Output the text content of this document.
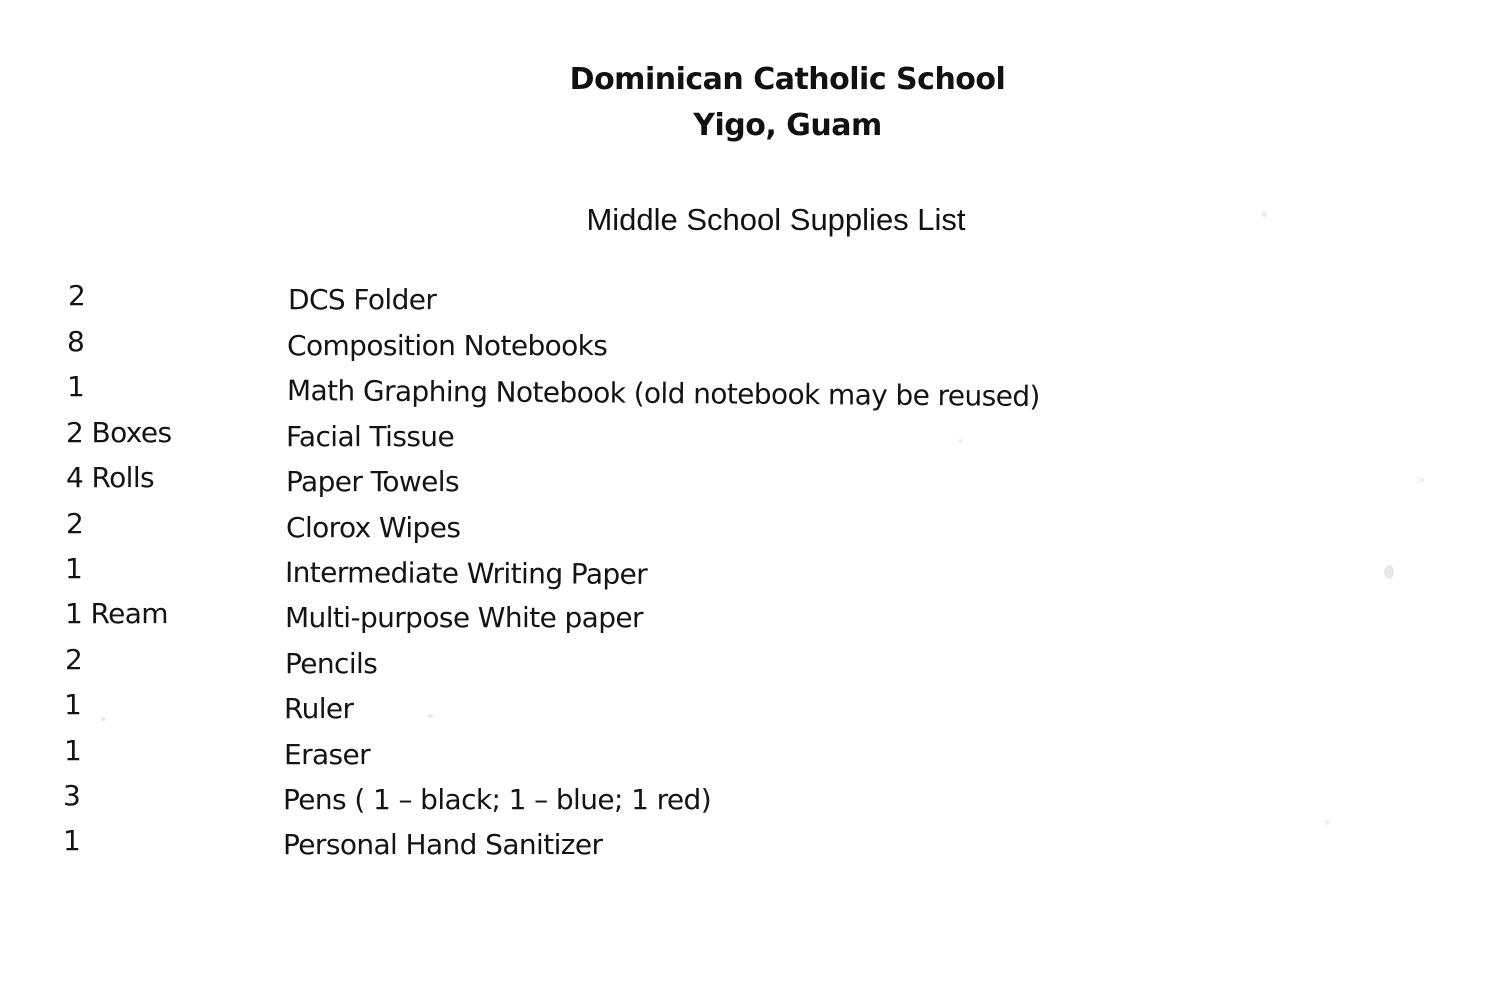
Dominican Catholic School
Yigo, Guam
Middle School Supplies List
2	DCS Folder
8	Composition Notebooks
1	Math Graphing Notebook (old notebook may be reused)
2 Boxes	Facial Tissue
4 Rolls	Paper Towels
2	Clorox Wipes
1	Intermediate Writing Paper
1 Ream	Multi-purpose White paper
2	Pencils
1	Ruler
1	Eraser
3	Pens ( 1 – black; 1 – blue; 1 red)
1	Personal Hand Sanitizer
